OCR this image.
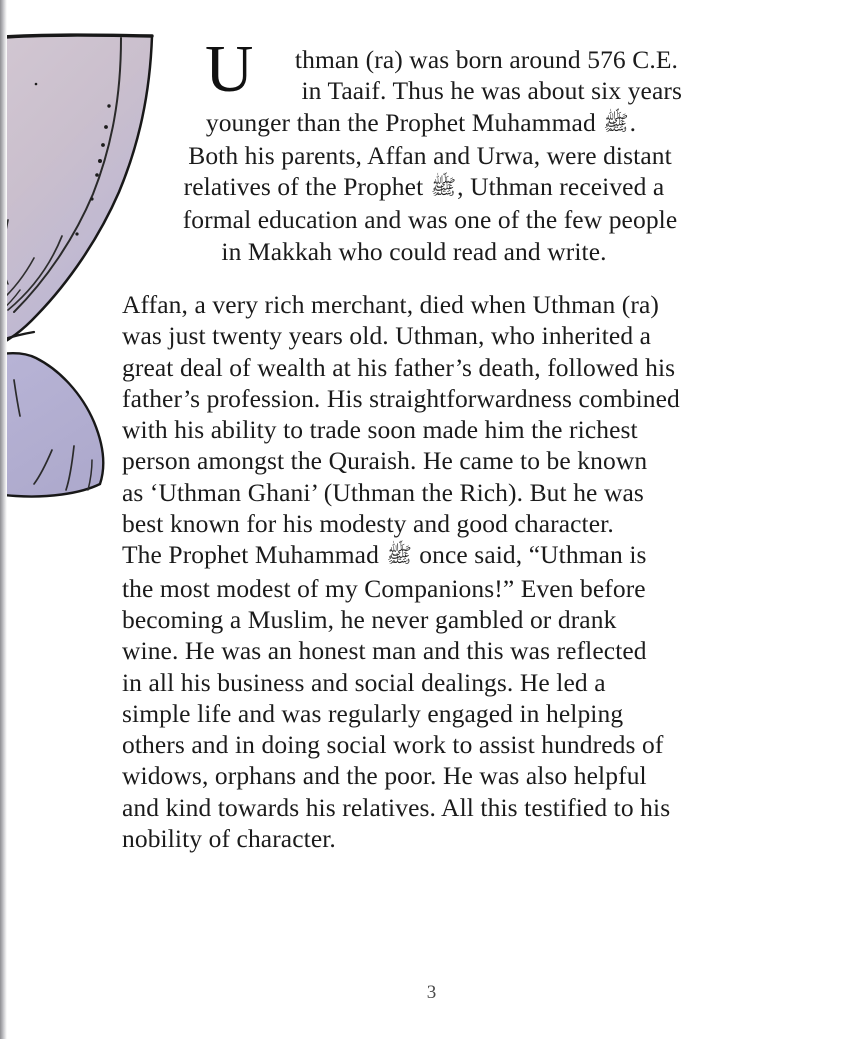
U	thman (ra) was born around 576 C.E.
in Taaif. Thus he was about six years
younger than the Prophet Muhammad ﷺ.
Both his parents, Affan and Urwa, were distant
relatives of the Prophet ﷺ, Uthman received a
formal education and was one of the few people
in Makkah who could read and write.
Affan, a very rich merchant, died when Uthman (ra)
was just twenty years old. Uthman, who inherited a
great deal of wealth at his father’s death, followed his
father’s profession. His straightforwardness combined
with his ability to trade soon made him the richest
person amongst the Quraish. He came to be known
as ‘Uthman Ghani’ (Uthman the Rich). But he was
best known for his modesty and good character.
The Prophet Muhammad ﷺ once said, “Uthman is
the most modest of my Companions!” Even before
becoming a Muslim, he never gambled or drank
wine. He was an honest man and this was reflected
in all his business and social dealings. He led a
simple life and was regularly engaged in helping
others and in doing social work to assist hundreds of
widows, orphans and the poor. He was also helpful
and kind towards his relatives. All this testified to his
nobility of character.
3
